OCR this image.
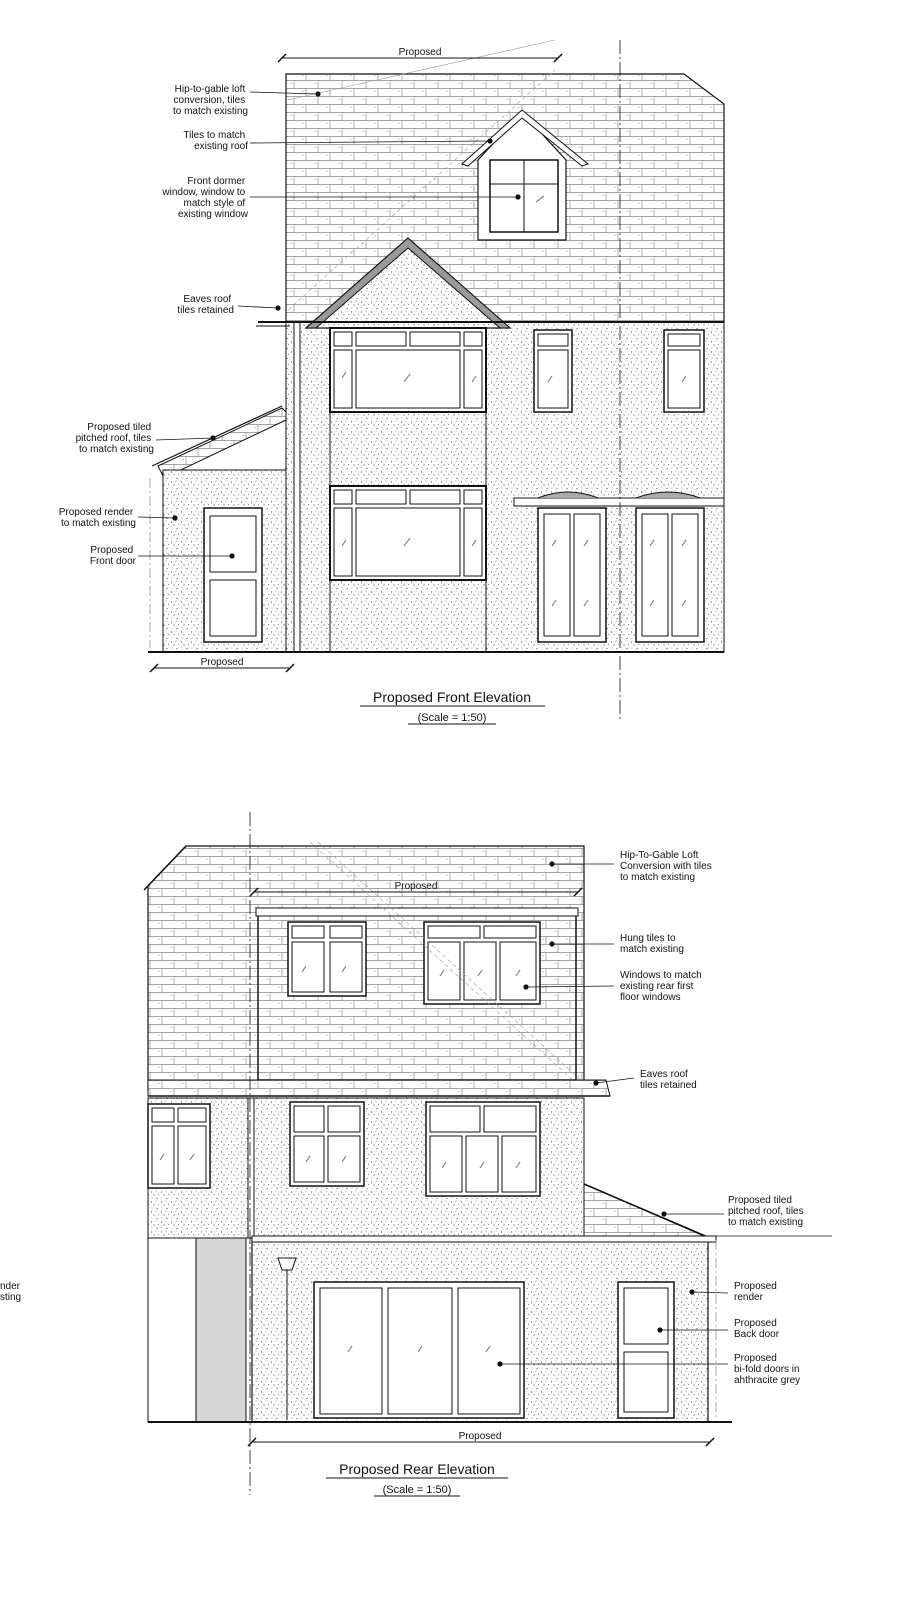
Proposed
Proposed
Hip-to-gable loft conversion, tiles to match existing
Tiles to match existing roof
Front dormer window, window to match style of existing window
Eaves roof tiles retained
Proposed tiled pitched roof, tiles to match existing
Proposed render to match existing
Proposed Front door
Proposed Front Elevation
(Scale = 1:50)
Proposed
Proposed
Hip-To-Gable Loft Conversion with tiles to match existing
Hung tiles to match existing
Windows to match existing rear first floor windows
Eaves roof tiles retained
Proposed tiled pitched roof, tiles to match existing
Proposed render
Proposed Back door
Proposed bi-fold doors in ahthracite grey
nder sting
Proposed Rear Elevation
(Scale = 1:50)
